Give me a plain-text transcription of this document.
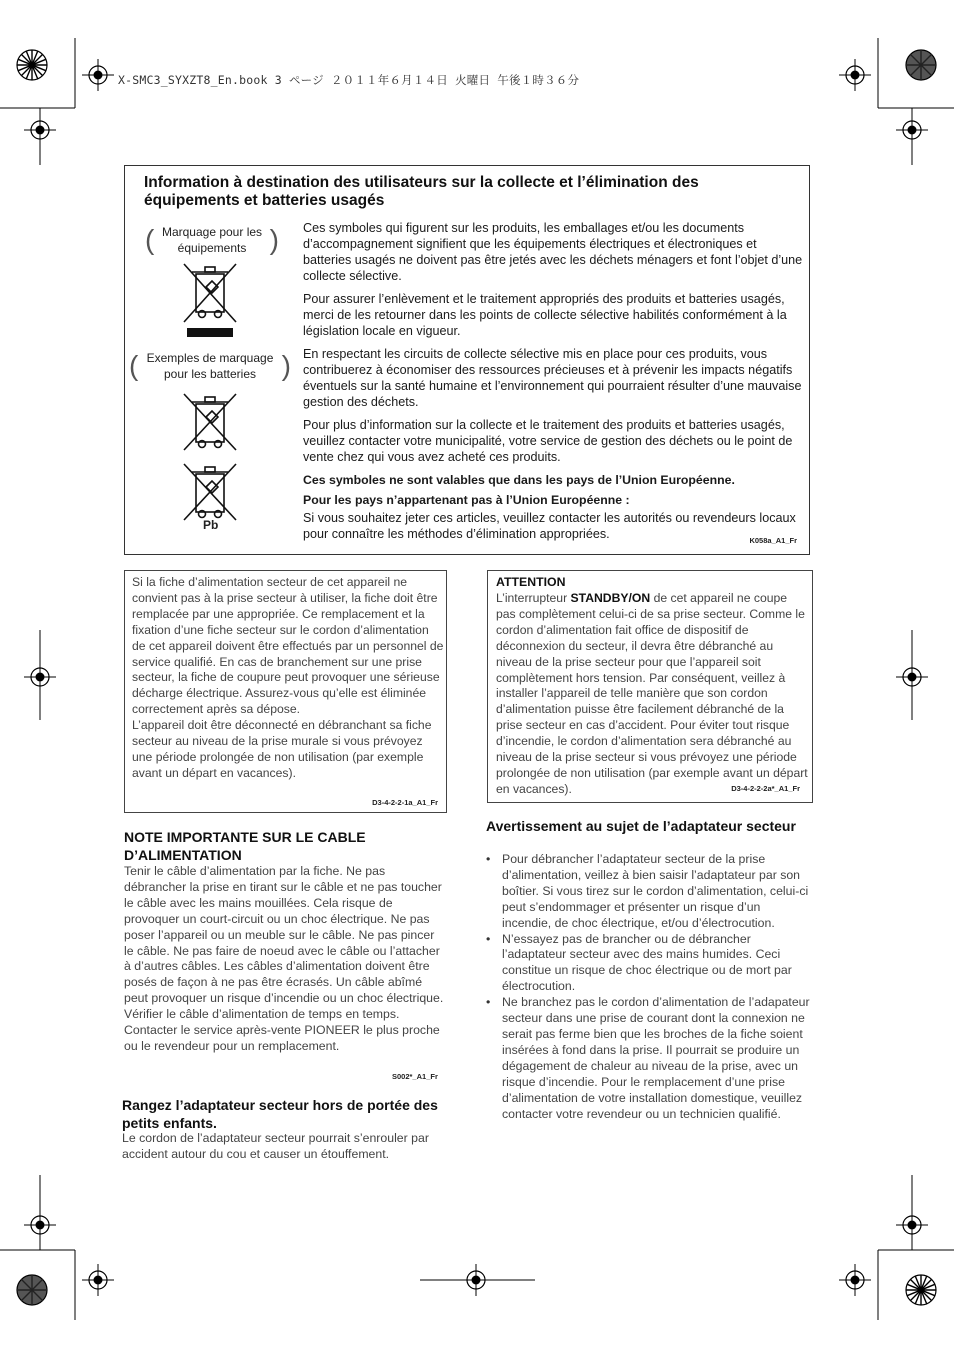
X-SMC3_SYXZT8_En.book 3 ページ ２０１１年６月１４日 火曜日 午後１時３６分
Information à destination des utilisateurs sur la collecte et l’élimination des équipements et batteries usagés
( Marquage pour les équipements )
( Exemples de marquage pour les batteries )
Pb

Ces symboles qui figurent sur les produits, les emballages et/ou les documents d’accompagnement signifient que les équipements électriques et électroniques et batteries usagés ne doivent pas être jetés avec les déchets ménagers et font l’objet d’une collecte sélective.

Pour assurer l’enlèvement et le traitement appropriés des produits et batteries usagés, merci de les retourner dans les points de collecte sélective habilités conformément à la législation locale en vigueur.

En respectant les circuits de collecte sélective mis en place pour ces produits, vous contribuerez à économiser des ressources précieuses et à prévenir les impacts négatifs éventuels sur la santé humaine et l’environnement qui pourraient résulter d’une mauvaise gestion des déchets.

Pour plus d’information sur la collecte et le traitement des produits et batteries usagés, veuillez contacter votre municipalité, votre service de gestion des déchets ou le point de vente chez qui vous avez acheté ces produits.

Ces symboles ne sont valables que dans les pays de l’Union Européenne.

Pour les pays n’appartenant pas à l’Union Européenne :

Si vous souhaitez jeter ces articles, veuillez contacter les autorités ou revendeurs locaux pour connaître les méthodes d’élimination appropriées.	K058a_A1_Fr

Si la fiche d’alimentation secteur de cet appareil ne convient pas à la prise secteur à utiliser, la fiche doit être remplacée par une appropriée. Ce remplacement et la fixation d’une fiche secteur sur le cordon d’alimentation de cet appareil doivent être effectués par un personnel de service qualifié. En cas de branchement sur une prise secteur, la fiche de coupure peut provoquer une sérieuse décharge électrique. Assurez-vous qu’elle est éliminée correctement après sa dépose.

L’appareil doit être déconnecté en débranchant sa fiche secteur au niveau de la prise murale si vous prévoyez une période prolongée de non utilisation (par exemple avant un départ en vacances).

D3-4-2-2-1a_A1_Fr
ATTENTION

L’interrupteur STANDBY/ON de cet appareil ne coupe pas complètement celui-ci de sa prise secteur. Comme le cordon d’alimentation fait office de dispositif de déconnexion du secteur, il devra être débranché au niveau de la prise secteur pour que l’appareil soit complètement hors tension. Par conséquent, veillez à installer l’appareil de telle manière que son cordon d’alimentation puisse être facilement débranché de la prise secteur en cas d’accident. Pour éviter tout risque d’incendie, le cordon d’alimentation sera débranché au niveau de la prise secteur si vous prévoyez une période prolongée de non utilisation (par exemple avant un départ en vacances).	D3-4-2-2-2a*_A1_Fr
NOTE IMPORTANTE SUR LE CABLE D’ALIMENTATION

Tenir le câble d’alimentation par la fiche. Ne pas débrancher la prise en tirant sur le câble et ne pas toucher le câble avec les mains mouillées. Cela risque de provoquer un court-circuit ou un choc électrique. Ne pas poser l’appareil ou un meuble sur le câble. Ne pas pincer le câble. Ne pas faire de noeud avec le câble ou l’attacher à d’autres câbles. Les câbles d’alimentation doivent être posés de façon à ne pas être écrasés. Un câble abîmé peut provoquer un risque d’incendie ou un choc électrique. Vérifier le câble d’alimentation de temps en temps. Contacter le service après-vente PIONEER le plus proche ou le revendeur pour un remplacement.

S002*_A1_Fr
Rangez l’adaptateur secteur hors de portée des petits enfants.

Le cordon de l’adaptateur secteur pourrait s’enrouler par accident autour du cou et causer un étouffement.

Avertissement au sujet de l’adaptateur secteur
• Pour débrancher l’adaptateur secteur de la prise d’alimentation, veillez à bien saisir l’adaptateur par son boîtier. Si vous tirez sur le cordon d’alimentation, celui-ci peut s’endommager et présenter un risque d’un incendie, de choc électrique, et/ou d’électrocution.
• N’essayez pas de brancher ou de débrancher l’adaptateur secteur avec des mains humides. Ceci constitue un risque de choc électrique ou de mort par électrocution.
• Ne branchez pas le cordon d’alimentation de l’adapateur secteur dans une prise de courant dont la connexion ne serait pas ferme bien que les broches de la fiche soient insérées à fond dans la prise. Il pourrait se produire un dégagement de chaleur au niveau de la prise, avec un risque d’incendie. Pour le remplacement d’une prise d’alimentation de votre installation domestique, veuillez contacter votre revendeur ou un technicien qualifié.
